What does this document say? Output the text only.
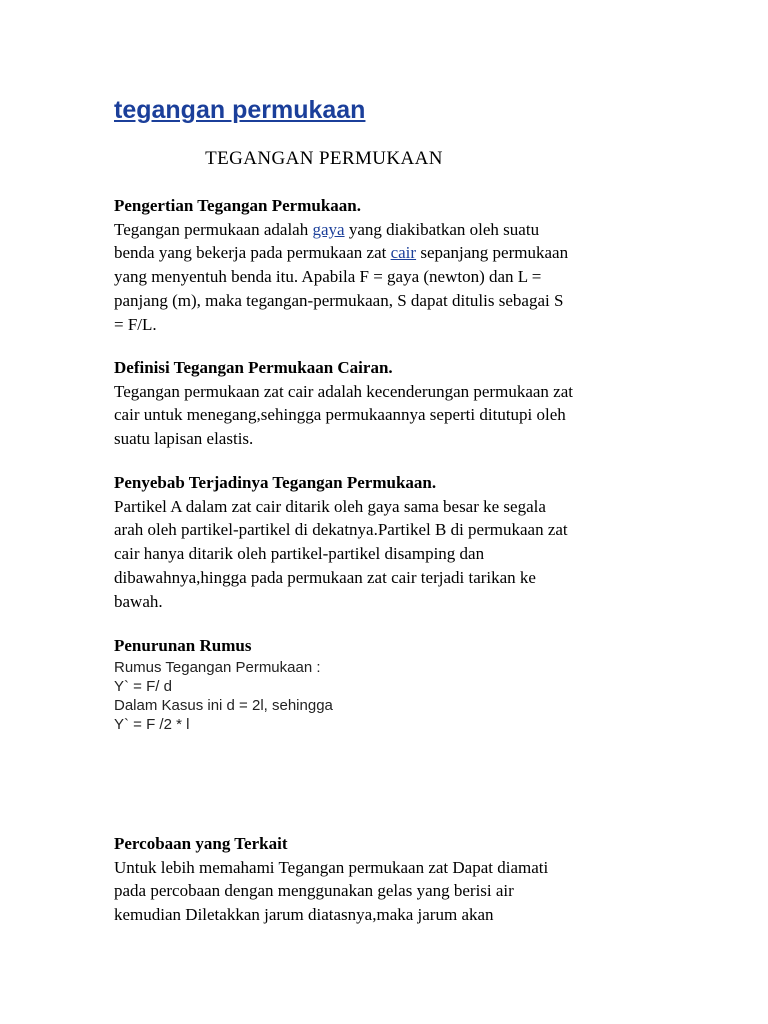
tegangan permukaan
TEGANGAN PERMUKAAN
Pengertian Tegangan Permukaan.

Tegangan permukaan adalah gaya yang diakibatkan oleh suatu
benda yang bekerja pada permukaan zat cair sepanjang permukaan
yang menyentuh benda itu. Apabila F = gaya (newton) dan L =
panjang (m), maka tegangan-permukaan, S dapat ditulis sebagai S
= F/L.

Definisi Tegangan Permukaan Cairan.

Tegangan permukaan zat cair adalah kecenderungan permukaan zat
cair untuk menegang,sehingga permukaannya seperti ditutupi oleh
suatu lapisan elastis.

Penyebab Terjadinya Tegangan Permukaan.

Partikel A dalam zat cair ditarik oleh gaya sama besar ke segala
arah oleh partikel-partikel di dekatnya.Partikel B di permukaan zat
cair hanya ditarik oleh partikel-partikel disamping dan
dibawahnya,hingga pada permukaan zat cair terjadi tarikan ke
bawah.

Penurunan Rumus
Rumus Tegangan Permukaan :
Y` = F/ d
Dalam Kasus ini d = 2l, sehingga
Y` = F /2 * l
Percobaan yang Terkait

Untuk lebih memahami Tegangan permukaan zat Dapat diamati
pada percobaan dengan menggunakan gelas yang berisi air
kemudian Diletakkan jarum diatasnya,maka jarum akan
